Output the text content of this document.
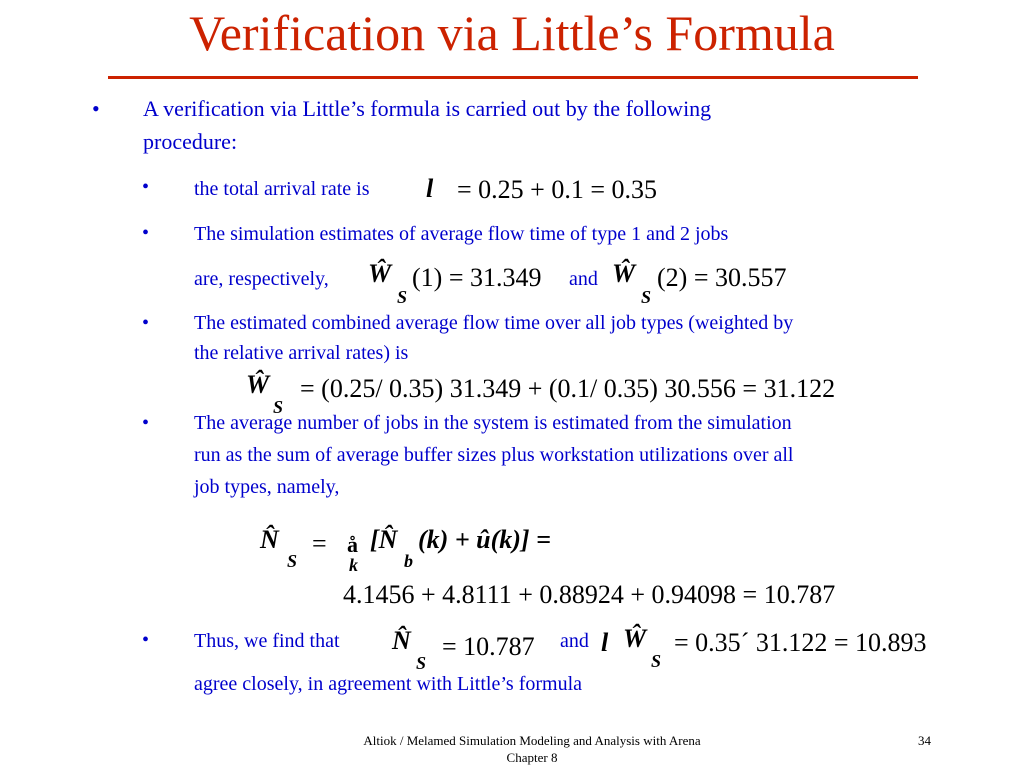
Verification via Little’s Formula
• A verification via Little’s formula is carried out by the following
procedure:
• the total arrival rate is l = 0.25 + 0.1 = 0.35
• The simulation estimates of average flow time of type 1 and 2 jobs
are, respectively, Ŵ
S
(1) = 31.349 and Ŵ
S
(2) = 30.557
• The estimated combined average flow time over all job types (weighted by
the relative arrival rates) is
Ŵ
S
= (0.25/ 0.35) 31.349 + (0.1/ 0.35) 30.556 = 31.122
• The average number of jobs in the system is estimated from the simulation
run as the sum of average buffer sizes plus workstation utilizations over all
job types, namely,
N̂
S
= å
k
[N̂
b
(k) + û(k)] =
4.1456 + 4.8111 + 0.88924 + 0.94098 = 10.787
• Thus, we find that N̂
S
= 10.787 and l Ŵ
S
= 0.35´ 31.122 = 10.893
agree closely, in agreement with Little’s formula
Altiok / Melamed Simulation Modeling and Analysis with Arena
Chapter 8
34
